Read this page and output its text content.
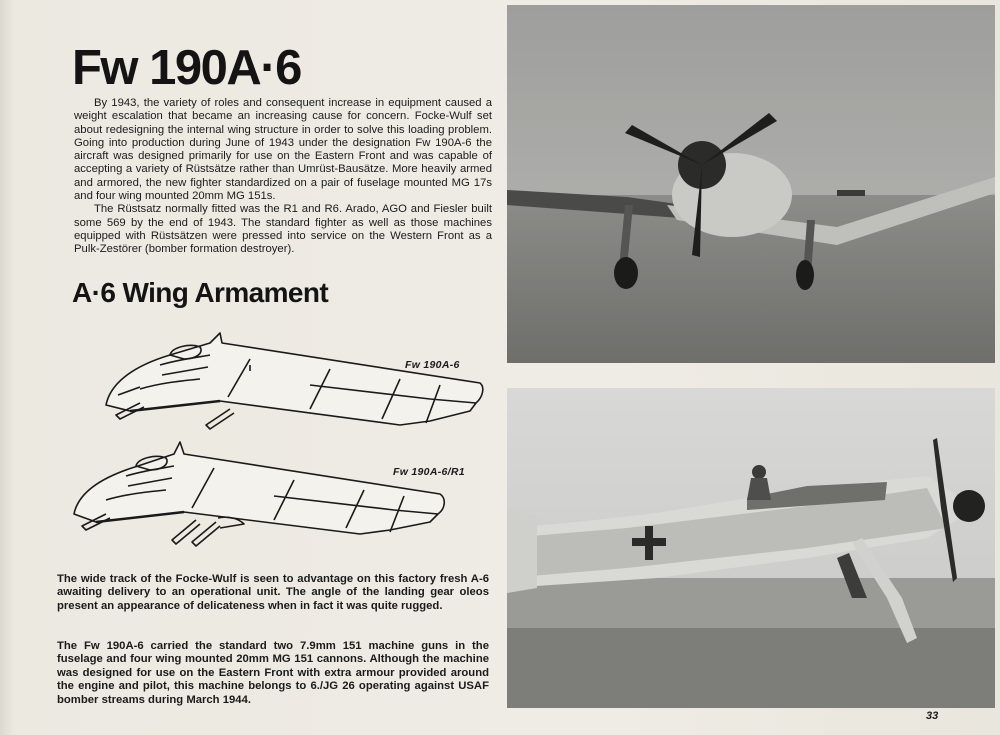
Fw 190A·6

By 1943, the variety of roles and consequent increase in equipment caused a weight escalation that became an increasing cause for concern. Focke-Wulf set about redesigning the internal wing structure in order to solve this loading problem. Going into production during June of 1943 under the designation Fw 190A-6 the aircraft was designed primarily for use on the Eastern Front and was capable of accepting a variety of Rüstsätze rather than Umrüst-Bausätze. More heavily armed and armored, the new fighter standardized on a pair of fuselage mounted MG 17s and four wing mounted 20mm MG 151s.

The Rüstsatz normally fitted was the R1 and R6. Arado, AGO and Fiesler built some 569 by the end of 1943. The standard fighter as well as those machines equipped with Rüstsätzen were pressed into service on the Western Front as a Pulk-Zestörer (bomber formation destroyer).

A·6 Wing Armament
Fw 190A-6
Fw 190A-6/R1

The wide track of the Focke-Wulf is seen to advantage on this factory fresh A-6 awaiting delivery to an operational unit. The angle of the landing gear oleos present an appearance of delicateness when in fact it was quite rugged.

The Fw 190A-6 carried the standard two 7.9mm 151 machine guns in the fuselage and four wing mounted 20mm MG 151 cannons. Although the machine was designed for use on the Eastern Front with extra armour provided around the engine and pilot, this machine belongs to 6./JG 26 operating against USAF bomber streams during March 1944.

33
